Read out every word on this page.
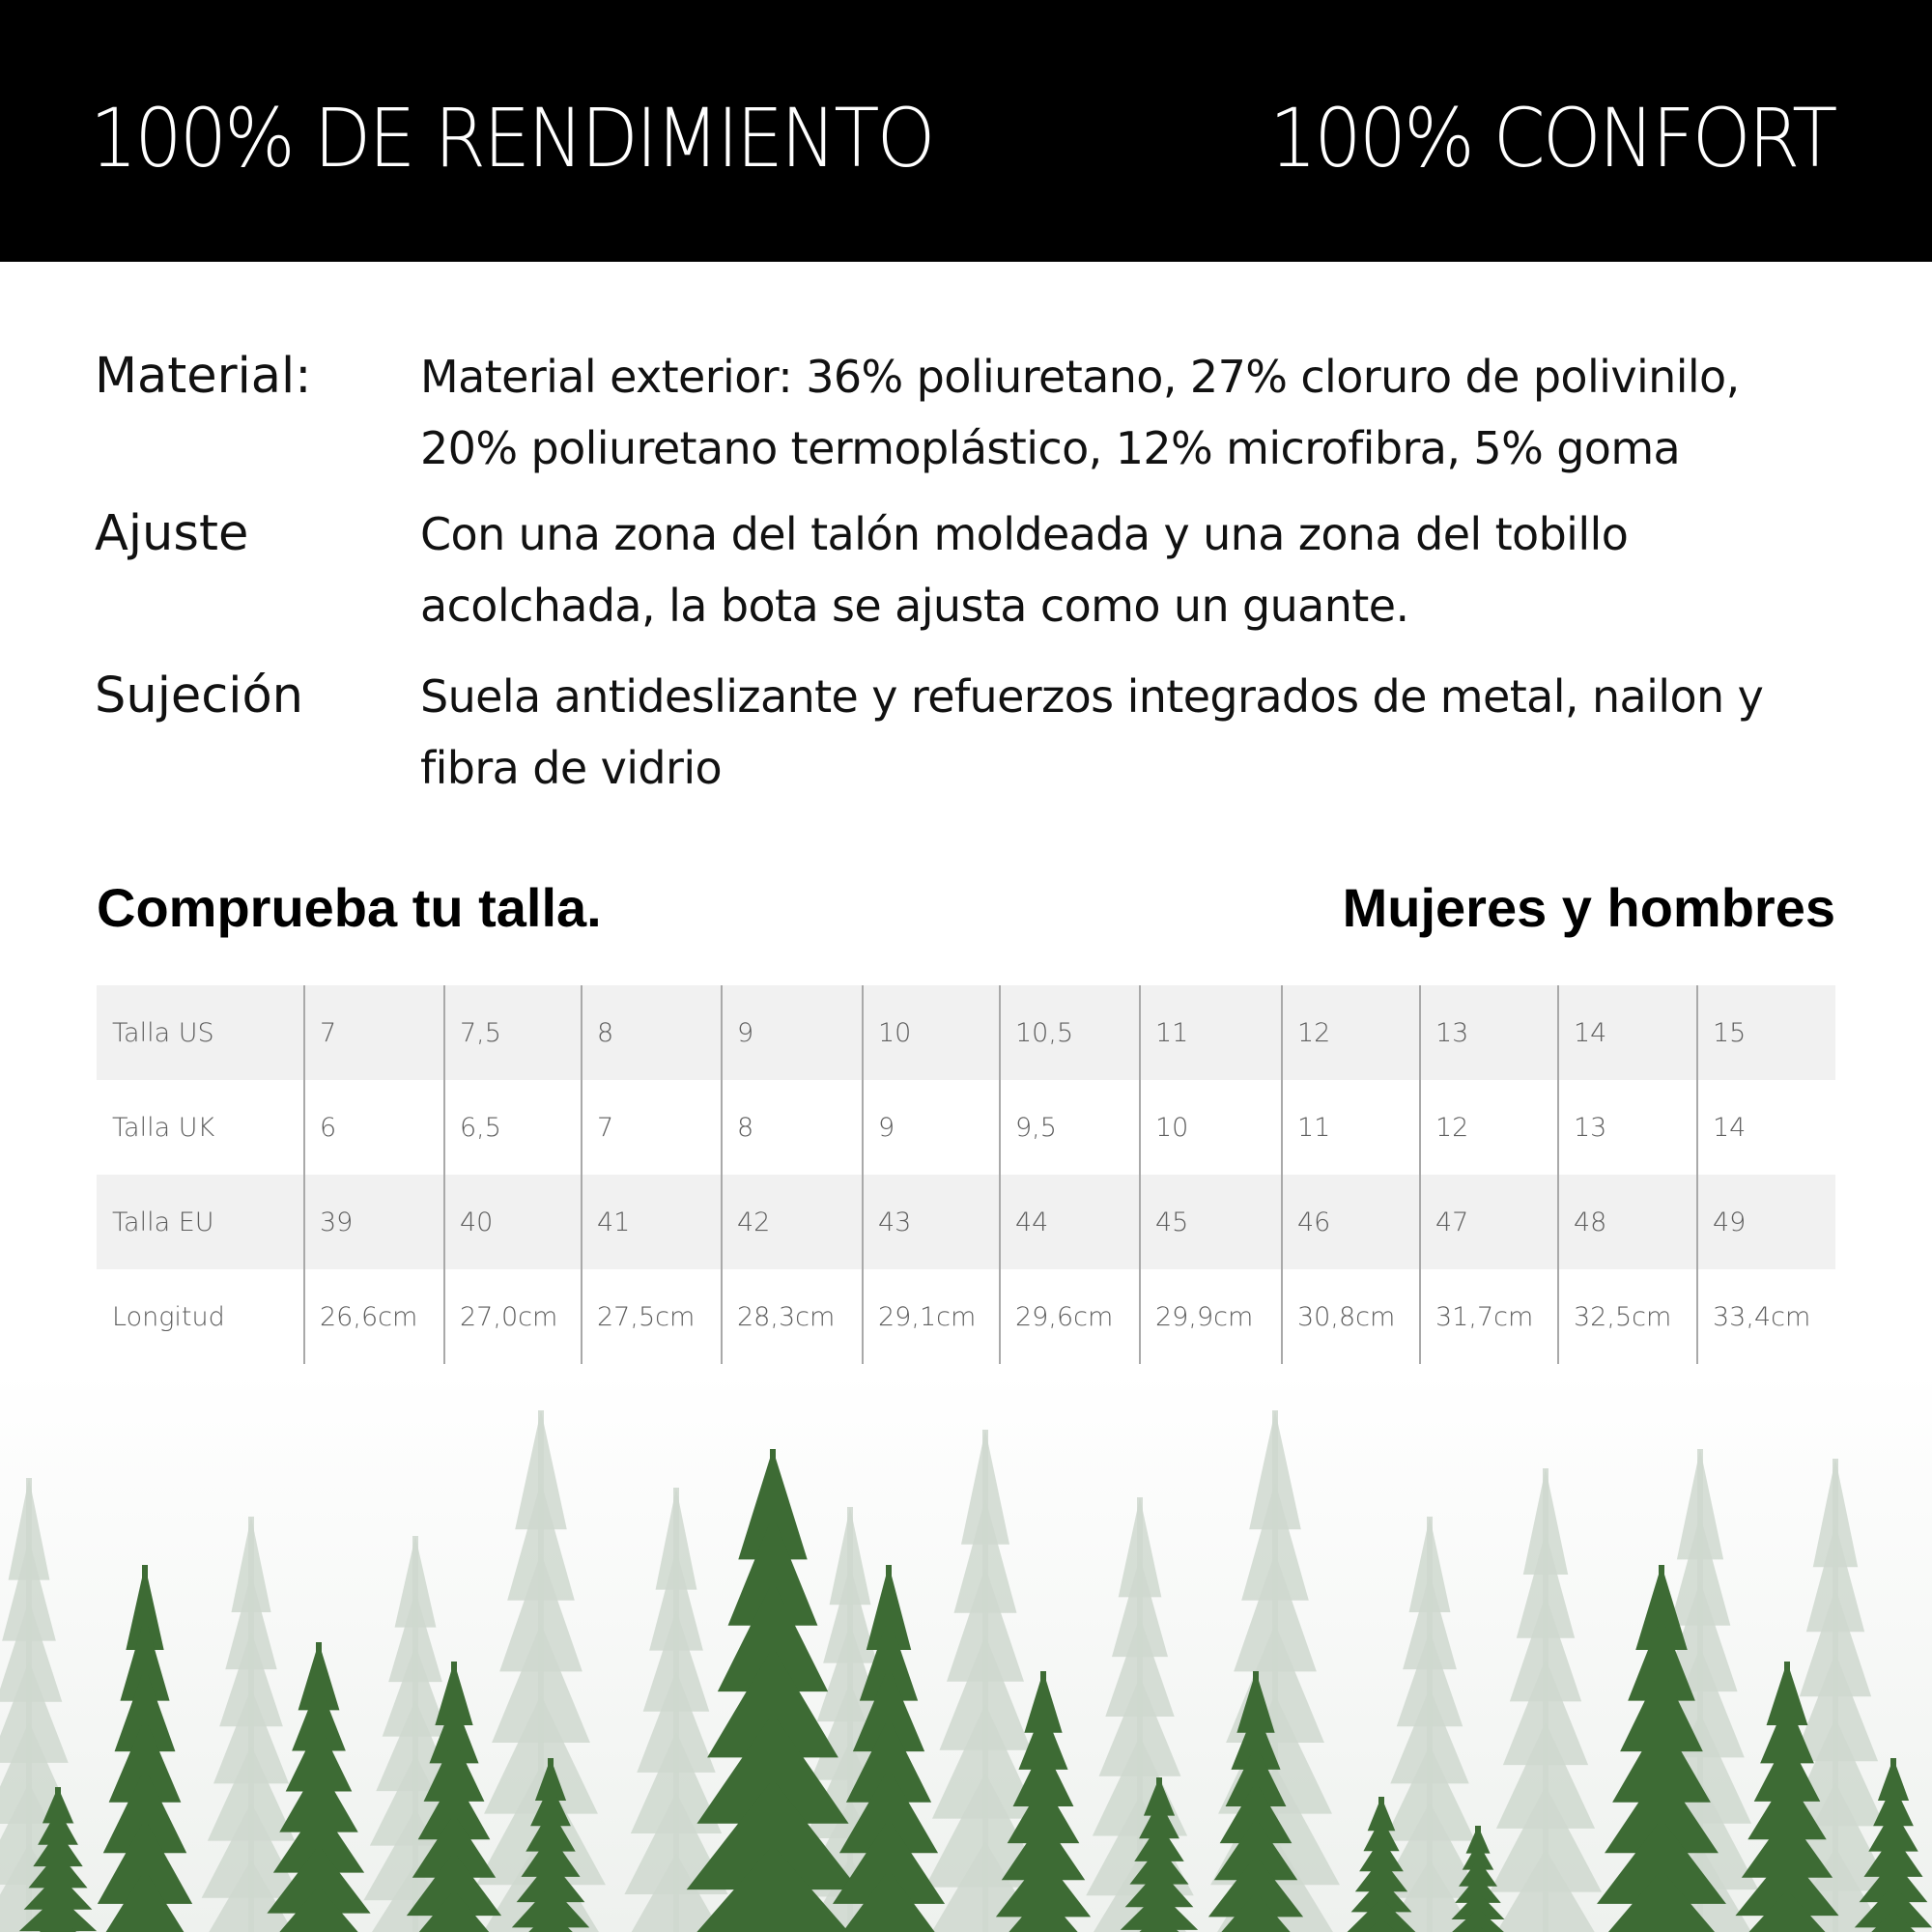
100% DE RENDIMIENTO	100% CONFORT
Material: Material exterior: 36% poliuretano, 27% cloruro de polivinilo, 20% poliuretano termoplástico, 12% microfibra, 5% goma
Ajuste	Con una zona del talón moldeada y una zona del tobillo acolchada, la bota se ajusta como un guante.
Sujeción	Suela antideslizante y refuerzos integrados de metal, nailon y fibra de vidrio
Comprueba tu talla.	Mujeres y hombres
Talla US	7	7,5	8	9	10	10,5	11	12	13	14	15
Talla UK	6	6,5	7	8	9	9,5	10	11	12	13	14
Talla EU	39	40	41	42	43	44	45	46	47	48	49
Longitud	26,6cm	27,0cm	27,5cm	28,3cm	29,1cm	29,6cm	29,9cm	30,8cm	31,7cm	32,5cm	33,4cm
